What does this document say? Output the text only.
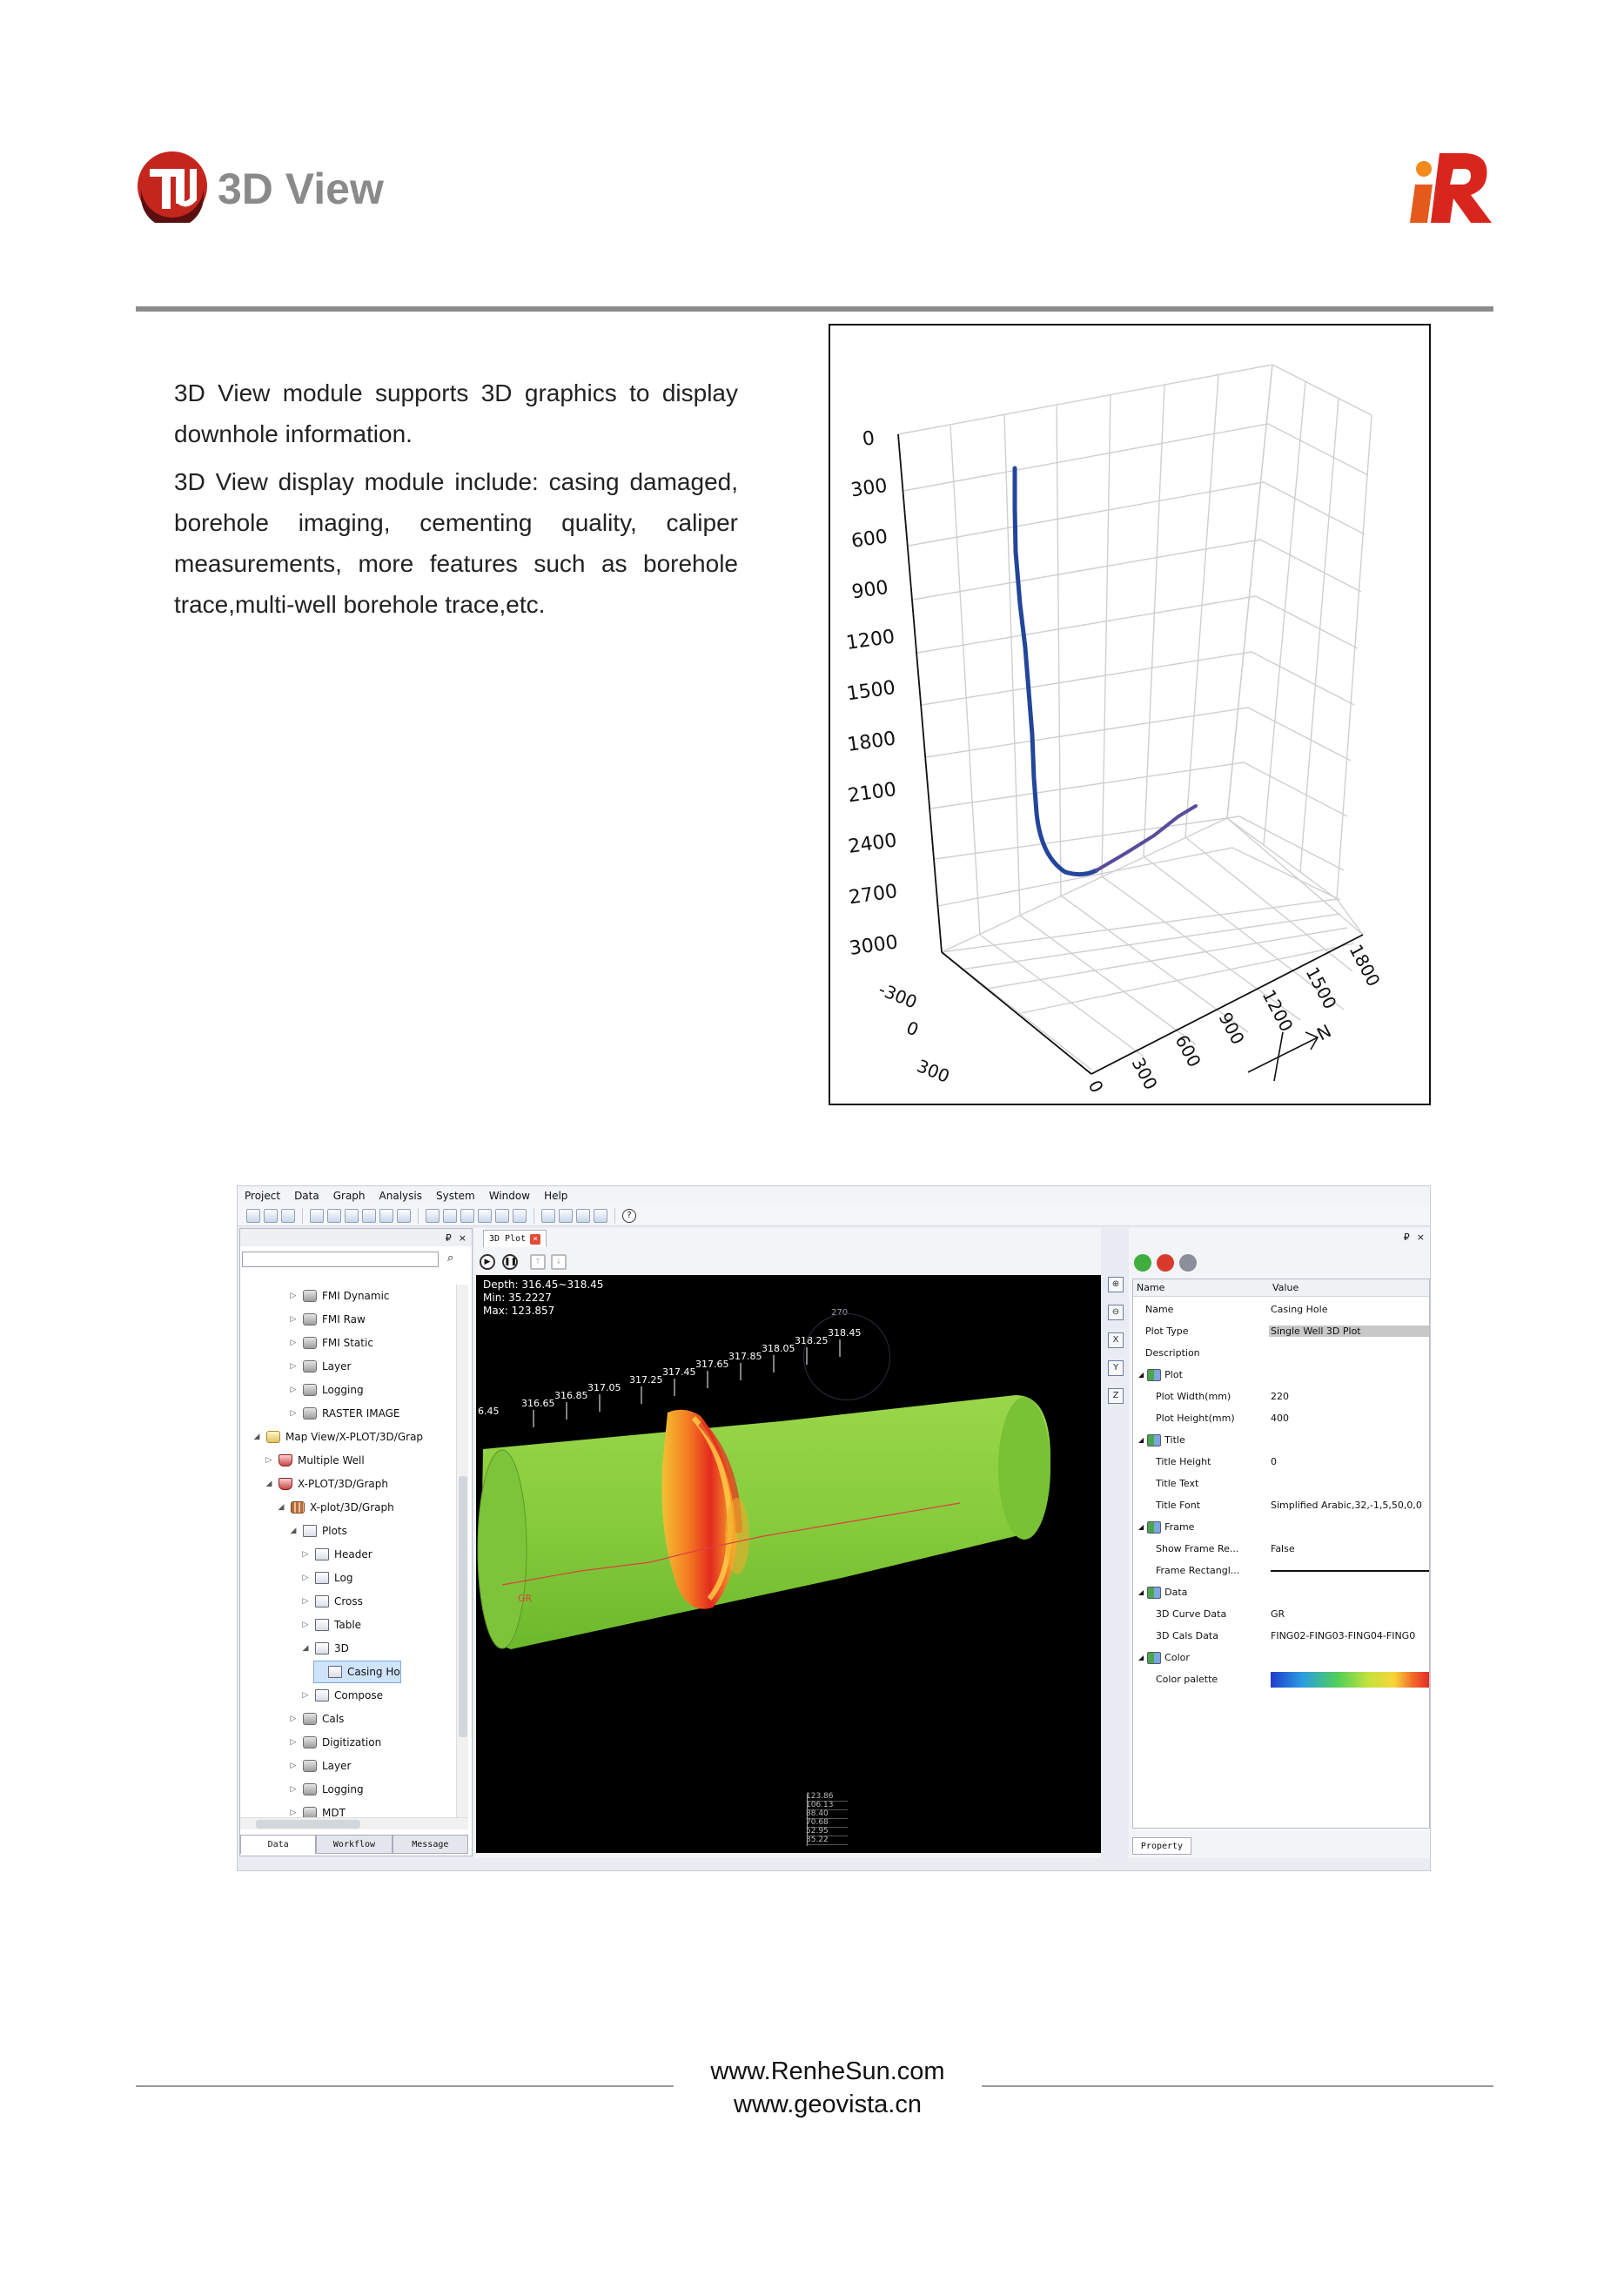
3D View

3D View module supports 3D graphics to display downhole information.

3D View display module include: casing damaged, borehole imaging, cementing quality, caliper measurements, more features such as borehole trace,multi-well borehole trace,etc.

0
300
600
900
1200
1500
1800
2100
2400
2700
3000
-300
0
300	0 300
600
900 1200 1500 1800
N
Project Data Graph Analysis System Window Help
?
₽ ×
⌕
▷ FMI Dynamic
▷ FMI Raw
▷ FMI Static
▷ Layer
▷ Logging
▷ RASTER IMAGE
◢ Map View/X-PLOT/3D/Grap
▷ Multiple Well
◢ X-PLOT/3D/Graph
◢ X-plot/3D/Graph
◢ Plots
▷ Header
▷ Log
▷ Cross
▷ Table
◢ 3D
Casing Ho
▷ Compose
▷ Cals
▷ Digitization
▷ Layer
▷ Logging
▷ MDT
Data	Workflow	Message
3D Plot ×
▶	❚❚	↑	↓
Depth: 316.45~318.45
Min: 35.2227
Max: 123.857
6.45
316.65
316.85
317.05
317.25
317.45
317.65
317.85
318.05
318.25
318.45
GR
270
123.86
106.13
88.40
70.68
52.95
35.22
⊕
⊖
X
Y
Z
₽ ×
Name	Value
Name	Casing Hole
Plot Type	Single Well 3D Plot
Description
◢ Plot
Plot Width(mm)	220
Plot Height(mm)	400
◢ Title
Title Height	0
Title Text
Title Font	Simplified Arabic,32,-1,5,50,0,0
◢ Frame
Show Frame Re...	False
Frame Rectangl...
◢ Data
3D Curve Data	GR
3D Cals Data	FING02-FING03-FING04-FING0
◢ Color
Color palette
Property
www.RenheSun.com
www.geovista.cn
